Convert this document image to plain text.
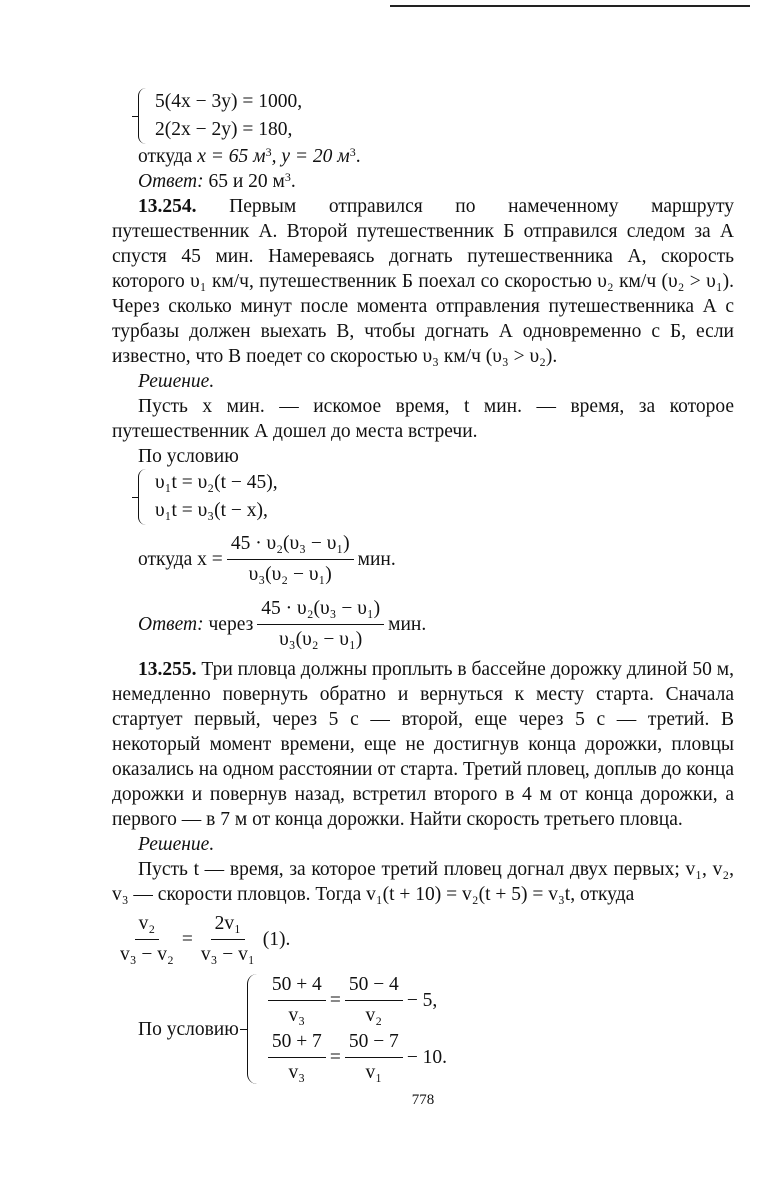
5(4x − 3y) = 1000,
2(2x − 2y) = 180,

откуда x = 65 $м^3$, y = 20 $м^3$.

Ответ: 65 и 20 $м^3$.

13.254. Первым отправился по намеченному маршруту путешественник А. Второй путешественник Б отправился следом за А спустя 45 мин. Намереваясь догнать путешественника А, скорость которого υ₁ км/ч, путешественник Б поехал со скоростью υ₂ км/ч (υ₂ > υ₁). Через сколько минут после момента отправления путешественника А с турбазы должен выехать В, чтобы догнать А одновременно с Б, если известно, что В поедет со скоростью υ₃ км/ч (υ₃ > υ₂).

Решение.

Пусть x мин. — искомое время, t мин. — время, за которое путешественник А дошел до места встречи.

По условию

υ₁t = υ₂(t − 45),
υ₁t = υ₃(t − x),
откуда $x = \frac{\text{45 · υ₂(υ₃ − υ₁)}}{\text{υ₃(υ₂ − υ₁)}}$ мин.
Ответ:
через $\frac{\text{45 · υ₂(υ₃ − υ₁)}}{\text{υ₃(υ₂ − υ₁)}}$ мин.

13.255. Три пловца должны проплыть в бассейне дорожку длиной 50 м, немедленно повернуть обратно и вернуться к месту старта. Сначала стартует первый, через 5 с — второй, еще через 5 с — третий. В некоторый момент времени, еще не достигнув конца дорожки, пловцы оказались на одном расстоянии от старта. Третий пловец, доплыв до конца дорожки и повернув назад, встретил второго в 4 м от конца дорожки, а первого — в 7 м от конца дорожки. Найти скорость третьего пловца.

Решение.

Пусть t — время, за которое третий пловец догнал двух первых; v₁, v₂, v₃ — скорости пловцов. Тогда v₁(t + 10) = v₂(t + 5) = v₃t, откуда

$\frac{\text{v₂}}{\text{v₃ − v₂}} = \frac{\text{2v₁}}{\text{v₃ − v₁}} (1)$.
По условию $\frac{50 + 4}{\text{v₃}} = \frac{50 - 4}{\text{v₂}} - 5$,
$\frac{50 + 7}{\text{v₃}} = \frac{50 - 7}{\text{v₁}} - 10$.
778
